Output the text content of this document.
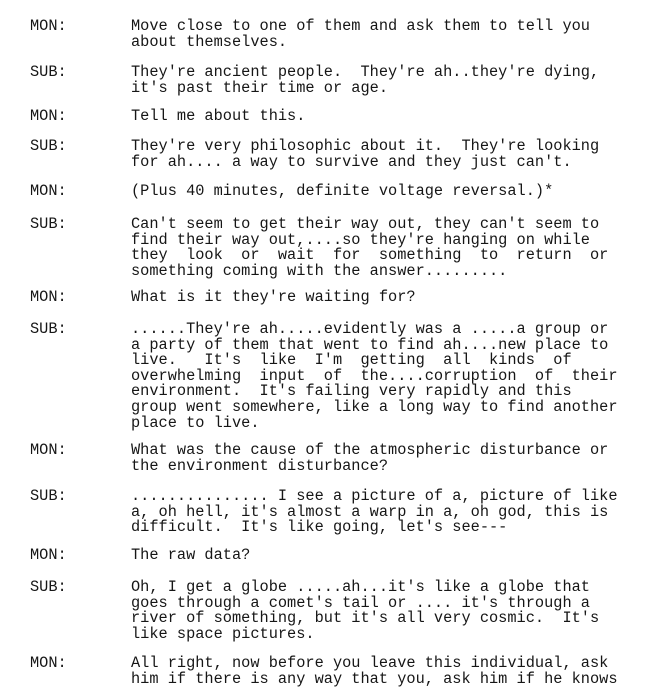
MON:	Move close to one of them and ask them to tell you
about themselves.
SUB:	They're ancient people.  They're ah..they're dying,
it's past their time or age.
MON:	Tell me about this.
SUB:	They're very philosophic about it.  They're looking
for ah.... a way to survive and they just can't.
MON:	(Plus 40 minutes, definite voltage reversal.)*
SUB:	Can't seem to get their way out, they can't seem to
find their way out,....so they're hanging on while
they  look  or  wait  for  something  to  return  or
something coming with the answer.........
MON:	What is it they're waiting for?
SUB:	......They're ah.....evidently was a .....a group or
a party of them that went to find ah....new place to
live.   It's  like  I'm  getting  all  kinds  of
overwhelming  input  of  the....corruption  of  their
environment.  It's failing very rapidly and this
group went somewhere, like a long way to find another
place to live.
MON:	What was the cause of the atmospheric disturbance or
the environment disturbance?
SUB:	............... I see a picture of a, picture of like
a, oh hell, it's almost a warp in a, oh god, this is
difficult.  It's like going, let's see---
MON:	The raw data?
SUB:	Oh, I get a globe .....ah...it's like a globe that
goes through a comet's tail or .... it's through a
river of something, but it's all very cosmic.  It's
like space pictures.
MON:	All right, now before you leave this individual, ask
him if there is any way that you, ask him if he knows
